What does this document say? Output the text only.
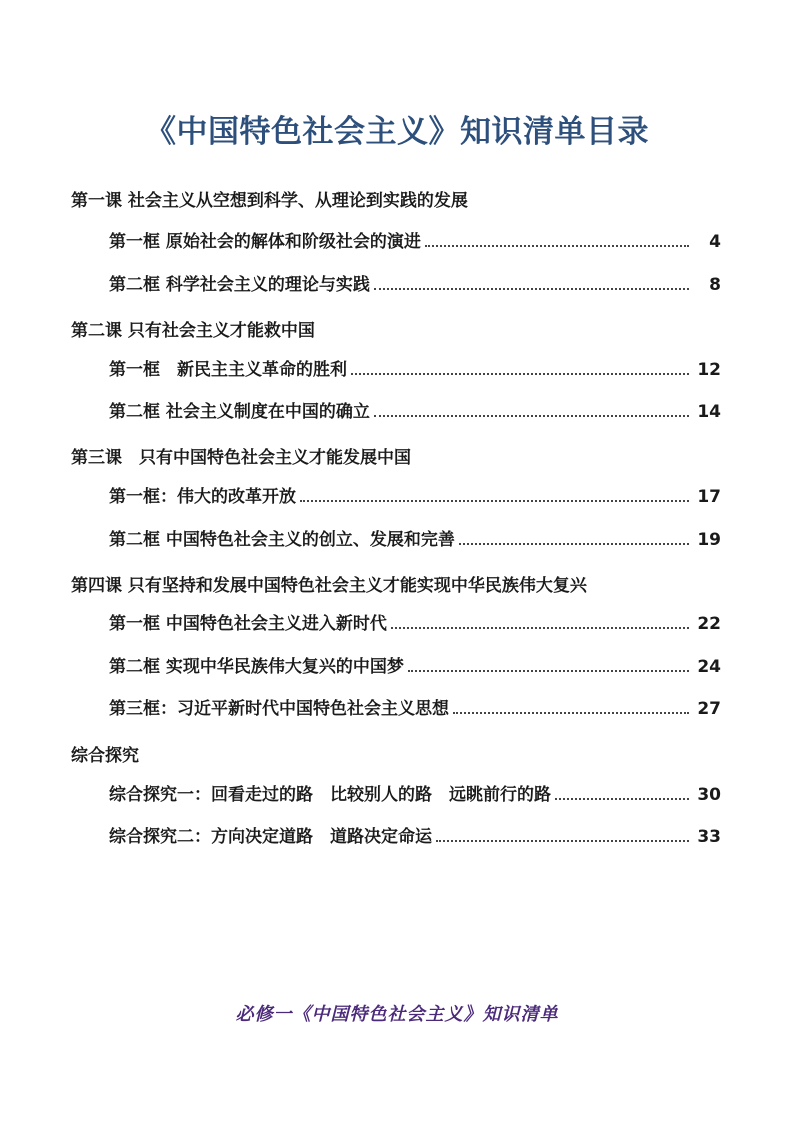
《中国特色社会主义》知识清单目录
第一课 社会主义从空想到科学、从理论到实践的发展
第一框 原始社会的解体和阶级社会的演进	4
第二框 科学社会主义的理论与实践	8
第二课 只有社会主义才能救中国
第一框　新民主主义革命的胜利	12
第二框 社会主义制度在中国的确立	14
第三课　只有中国特色社会主义才能发展中国
第一框：伟大的改革开放	17
第二框 中国特色社会主义的创立、发展和完善	19
第四课 只有坚持和发展中国特色社会主义才能实现中华民族伟大复兴
第一框 中国特色社会主义进入新时代	22
第二框 实现中华民族伟大复兴的中国梦	24
第三框：习近平新时代中国特色社会主义思想	27
综合探究
综合探究一：回看走过的路　比较别人的路　远眺前行的路	30
综合探究二：方向决定道路　道路决定命运	33
必修一《中国特色社会主义》知识清单
